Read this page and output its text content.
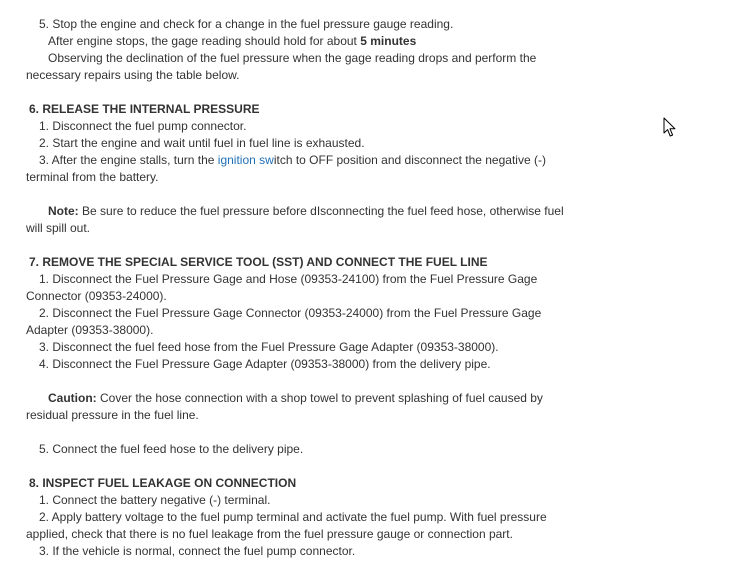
5. Stop the engine and check for a change in the fuel pressure gauge reading.
After engine stops, the gage reading should hold for about 5 minutes
Observing the declination of the fuel pressure when the gage reading drops and perform the
necessary repairs using the table below.
6. RELEASE THE INTERNAL PRESSURE
1. Disconnect the fuel pump connector.
2. Start the engine and wait until fuel in fuel line is exhausted.
3. After the engine stalls, turn the ignition switch to OFF position and disconnect the negative (-)
terminal from the battery.
Note: Be sure to reduce the fuel pressure before dIsconnecting the fuel feed hose, otherwise fuel
will spill out.
7. REMOVE THE SPECIAL SERVICE TOOL (SST) AND CONNECT THE FUEL LINE
1. Disconnect the Fuel Pressure Gage and Hose (09353-24100) from the Fuel Pressure Gage
Connector (09353-24000).
2. Disconnect the Fuel Pressure Gage Connector (09353-24000) from the Fuel Pressure Gage
Adapter (09353-38000).
3. Disconnect the fuel feed hose from the Fuel Pressure Gage Adapter (09353-38000).
4. Disconnect the Fuel Pressure Gage Adapter (09353-38000) from the delivery pipe.
Caution: Cover the hose connection with a shop towel to prevent splashing of fuel caused by
residual pressure in the fuel line.
5. Connect the fuel feed hose to the delivery pipe.
8. INSPECT FUEL LEAKAGE ON CONNECTION
1. Connect the battery negative (-) terminal.
2. Apply battery voltage to the fuel pump terminal and activate the fuel pump. With fuel pressure
applied, check that there is no fuel leakage from the fuel pressure gauge or connection part.
3. If the vehicle is normal, connect the fuel pump connector.
